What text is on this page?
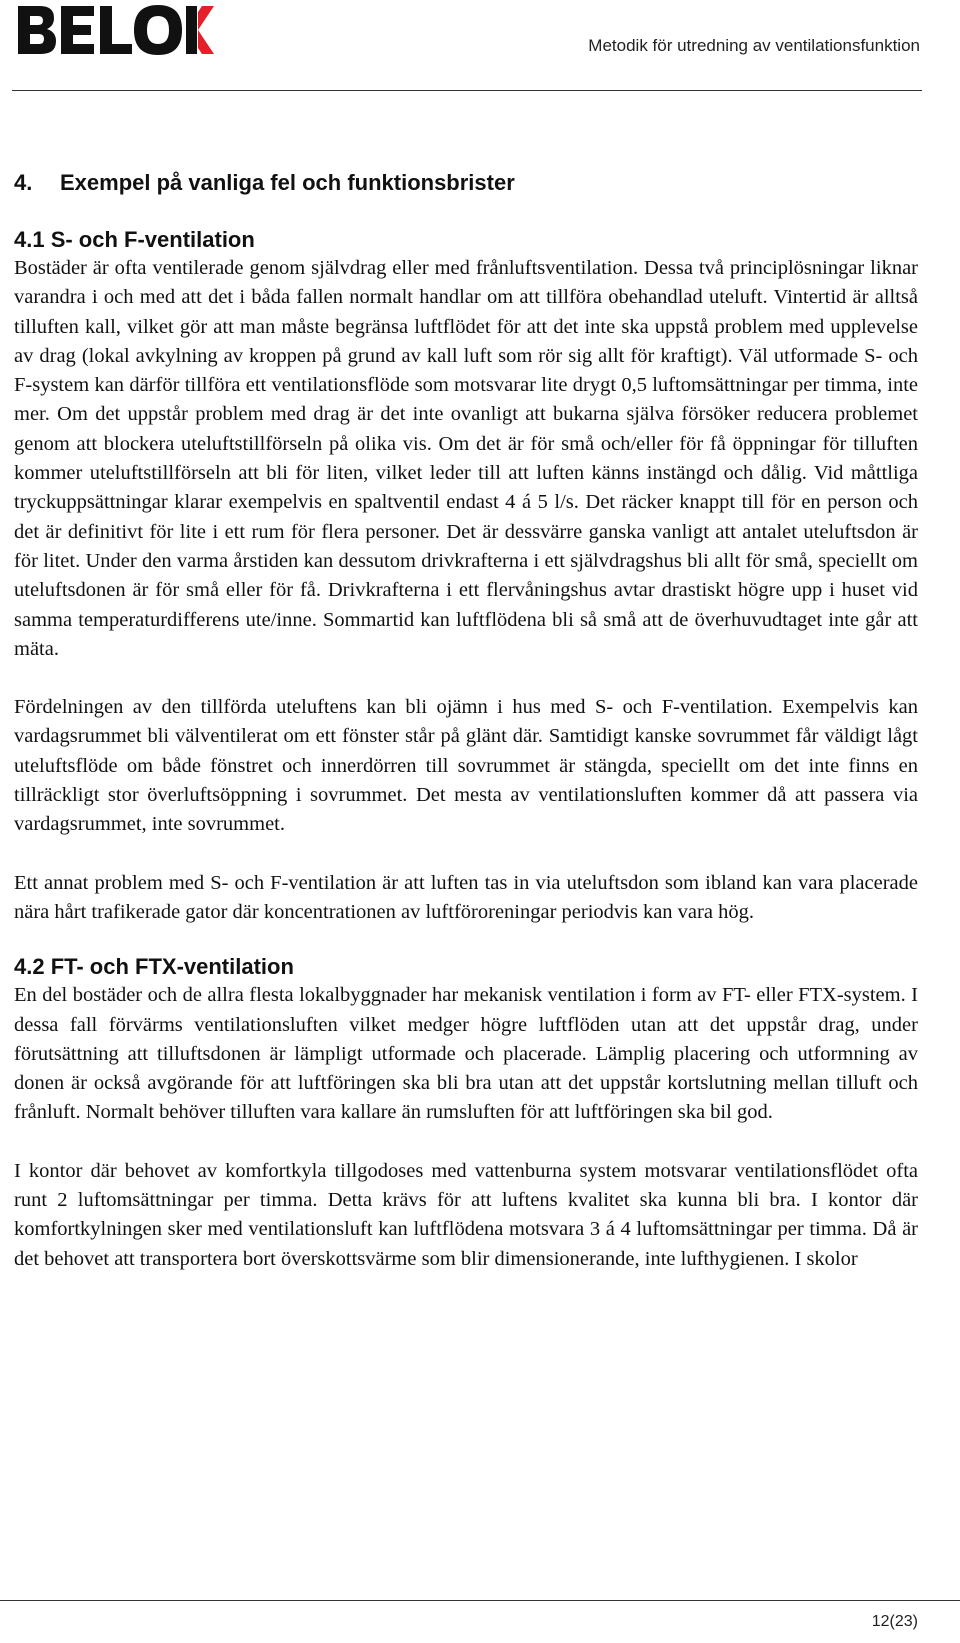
Metodik för utredning av ventilationsfunktion
4. Exempel på vanliga fel och funktionsbrister
4.1 S- och F-ventilation

Bostäder är ofta ventilerade genom självdrag eller med frånluftsventilation. Dessa två principlösningar liknar varandra i och med att det i båda fallen normalt handlar om att tillföra obehandlad uteluft. Vintertid är alltså tilluften kall, vilket gör att man måste begränsa luftflödet för att det inte ska uppstå problem med upplevelse av drag (lokal avkylning av kroppen på grund av kall luft som rör sig allt för kraftigt). Väl utformade S- och F-system kan därför tillföra ett ventilationsflöde som motsvarar lite drygt 0,5 luftomsättningar per timma, inte mer. Om det uppstår problem med drag är det inte ovanligt att bukarna själva försöker reducera problemet genom att blockera uteluftstillförseln på olika vis. Om det är för små och/eller för få öppningar för tilluften kommer uteluftstillförseln att bli för liten, vilket leder till att luften känns instängd och dålig. Vid måttliga tryckuppsättningar klarar exempelvis en spaltventil endast 4 á 5 l/s. Det räcker knappt till för en person och det är definitivt för lite i ett rum för flera personer. Det är dessvärre ganska vanligt att antalet uteluftsdon är för litet. Under den varma årstiden kan dessutom drivkrafterna i ett självdragshus bli allt för små, speciellt om uteluftsdonen är för små eller för få. Drivkrafterna i ett flervåningshus avtar drastiskt högre upp i huset vid samma temperaturdifferens ute/inne. Sommartid kan luftflödena bli så små att de överhuvudtaget inte går att mäta.

Fördelningen av den tillförda uteluftens kan bli ojämn i hus med S- och F-ventilation. Exempelvis kan vardagsrummet bli välventilerat om ett fönster står på glänt där. Samtidigt kanske sovrummet får väldigt lågt uteluftsflöde om både fönstret och innerdörren till sovrummet är stängda, speciellt om det inte finns en tillräckligt stor överluftsöppning i sovrummet. Det mesta av ventilationsluften kommer då att passera via vardagsrummet, inte sovrummet.

Ett annat problem med S- och F-ventilation är att luften tas in via uteluftsdon som ibland kan vara placerade nära hårt trafikerade gator där koncentrationen av luftföroreningar periodvis kan vara hög.

4.2 FT- och FTX-ventilation

En del bostäder och de allra flesta lokalbyggnader har mekanisk ventilation i form av FT- eller FTX-system. I dessa fall förvärms ventilationsluften vilket medger högre luftflöden utan att det uppstår drag, under förutsättning att tilluftsdonen är lämpligt utformade och placerade. Lämplig placering och utformning av donen är också avgörande för att luftföringen ska bli bra utan att det uppstår kortslutning mellan tilluft och frånluft. Normalt behöver tilluften vara kallare än rumsluften för att luftföringen ska bil god.

I kontor där behovet av komfortkyla tillgodoses med vattenburna system motsvarar ventilationsflödet ofta runt 2 luftomsättningar per timma. Detta krävs för att luftens kvalitet ska kunna bli bra. I kontor där komfortkylningen sker med ventilationsluft kan luftflödena motsvara 3 á 4 luftomsättningar per timma. Då är det behovet att transportera bort överskottsvärme som blir dimensionerande, inte lufthygienen. I skolor

12(23)
